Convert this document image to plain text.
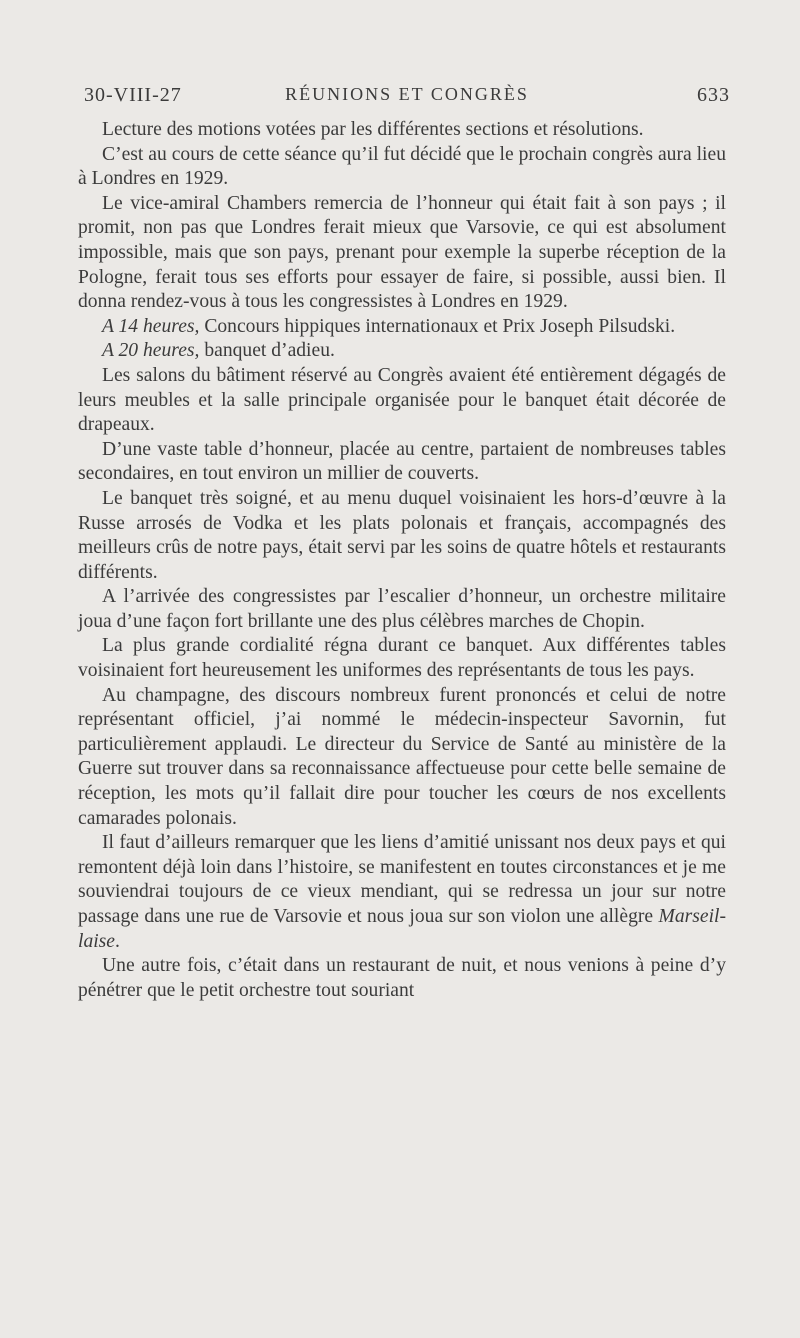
30-VIII-27	RÉUNIONS ET CONGRÈS	633

Lecture des motions votées par les différentes sections et résolutions.

C’est au cours de cette séance qu’il fut décidé que le prochain congrès aura lieu à Londres en 1929.

Le vice-amiral Chambers remercia de l’honneur qui était fait à son pays ; il promit, non pas que Londres ferait mieux que Varsovie, ce qui est absolument impossible, mais que son pays, prenant pour exemple la superbe réception de la Pologne, ferait tous ses efforts pour essayer de faire, si possible, aussi bien. Il donna rendez-vous à tous les congressistes à Londres en 1929.

A 14 heures, Concours hippiques internationaux et Prix Joseph Pilsudski.

A 20 heures, banquet d’adieu.

Les salons du bâtiment réservé au Congrès avaient été entièrement dégagés de leurs meubles et la salle principale organisée pour le banquet était décorée de drapeaux.

D’une vaste table d’honneur, placée au centre, partaient de nombreuses tables secondaires, en tout environ un millier de couverts.

Le banquet très soigné, et au menu duquel voisinaient les hors-d’œuvre à la Russe arrosés de Vodka et les plats polonais et français, accompagnés des meilleurs crûs de notre pays, était servi par les soins de quatre hôtels et restaurants différents.

A l’arrivée des congressistes par l’escalier d’honneur, un orchestre militaire joua d’une façon fort brillante une des plus célèbres marches de Chopin.

La plus grande cordialité régna durant ce banquet. Aux différentes tables voisinaient fort heureusement les uniformes des représentants de tous les pays.

Au champagne, des discours nombreux furent prononcés et celui de notre représentant officiel, j’ai nommé le médecin-inspecteur Savornin, fut particulièrement applaudi. Le directeur du Service de Santé au ministère de la Guerre sut trouver dans sa reconnaissance affectueuse pour cette belle semaine de réception, les mots qu’il fallait dire pour toucher les cœurs de nos excellents camarades polonais.

Il faut d’ailleurs remarquer que les liens d’amitié unissant nos deux pays et qui remontent déjà loin dans l’histoire, se manifestent en toutes circonstances et je me souviendrai toujours de ce vieux mendiant, qui se redressa un jour sur notre passage dans une rue de Varsovie et nous joua sur son violon une allègre Marseillaise.

Une autre fois, c’était dans un restaurant de nuit, et nous venions à peine d’y pénétrer que le petit orchestre tout souriant
